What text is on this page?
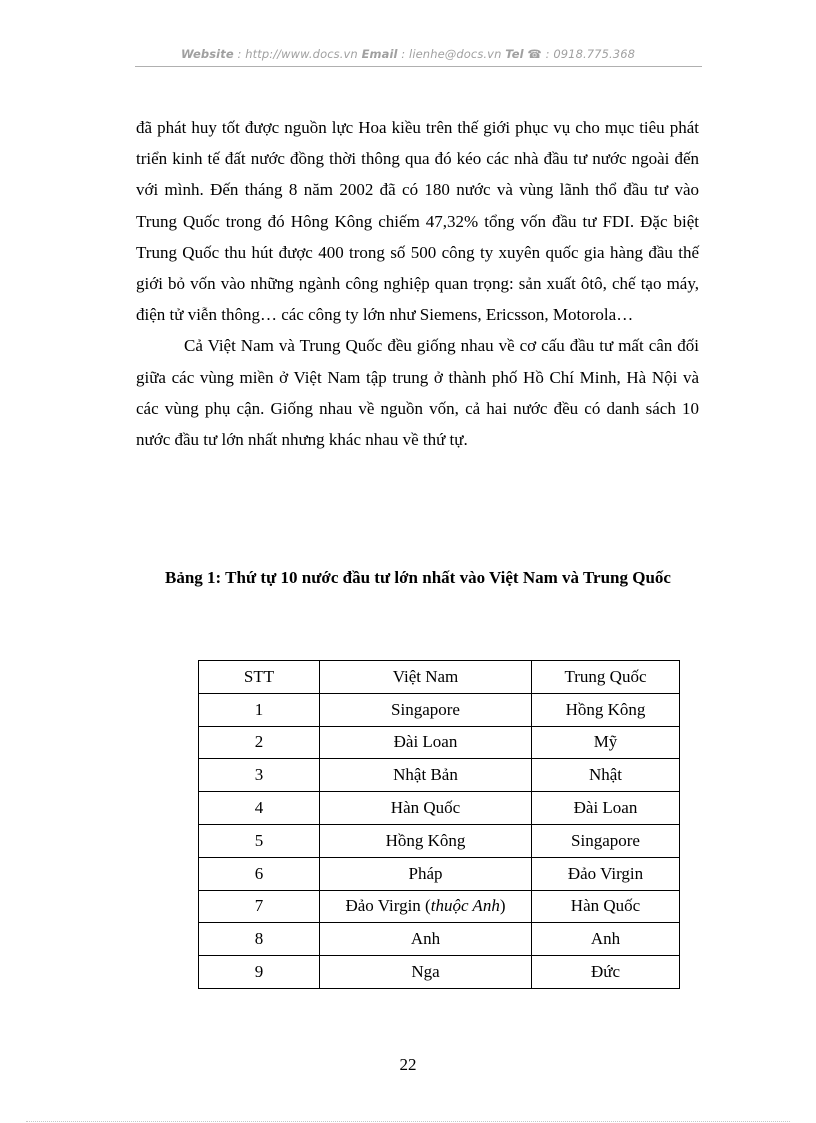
Website : http://www.docs.vn Email : lienhe@docs.vn Tel ☎ : 0918.775.368

đã phát huy tốt được nguồn lực Hoa kiều trên thế giới phục vụ cho mục tiêu phát triển kinh tế đất nước đồng thời thông qua đó kéo các nhà đầu tư nước ngoài đến với mình. Đến tháng 8 năm 2002 đã có 180 nước và vùng lãnh thổ đầu tư vào Trung Quốc trong đó Hông Kông chiếm 47,32% tổng vốn đầu tư FDI. Đặc biệt Trung Quốc thu hút được 400 trong số 500 công ty xuyên quốc gia hàng đầu thế giới bỏ vốn vào những ngành công nghiệp quan trọng: sản xuất ôtô, chế tạo máy, điện tử viễn thông… các công ty lớn như Siemens, Ericsson, Motorola…

Cả Việt Nam và Trung Quốc đều giống nhau về cơ cấu đầu tư mất cân đối giữa các vùng miền ở Việt Nam tập trung ở thành phố Hồ Chí Minh, Hà Nội và các vùng phụ cận. Giống nhau về nguồn vốn, cả hai nước đều có danh sách 10 nước đầu tư lớn nhất nhưng khác nhau về thứ tự.

Bảng 1: Thứ tự 10 nước đầu tư lớn nhất vào Việt Nam và Trung Quốc
STT	Việt Nam	Trung Quốc
1	Singapore	Hồng Kông
2	Đài Loan	Mỹ
3	Nhật Bản	Nhật
4	Hàn Quốc	Đài Loan
5	Hồng Kông	Singapore
6	Pháp	Đảo Virgin
7	Đảo Virgin (thuộc Anh)	Hàn Quốc
8	Anh	Anh
9	Nga	Đức
22
